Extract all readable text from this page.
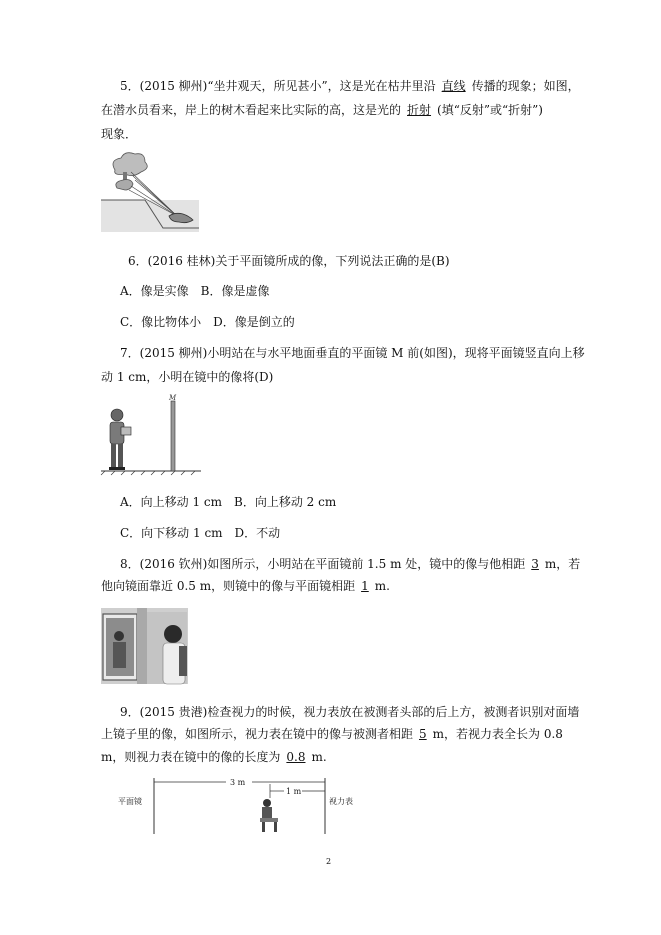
5．(2015 柳州)“坐井观天，所见甚小”，这是光在枯井里沿 直线 传播的现象；如图，
在潜水员看来，岸上的树木看起来比实际的高，这是光的 折射 (填“反射”或“折射”)
现象．
6．(2016 桂林)关于平面镜所成的像，下列说法正确的是(B)
A．像是实像　B．像是虚像
C．像比物体小　D．像是倒立的
7．(2015 柳州)小明站在与水平地面垂直的平面镜 M 前(如图)，现将平面镜竖直向上移
动 1 cm，小明在镜中的像将(D)
M
A．向上移动 1 cm　B．向上移动 2 cm
C．向下移动 1 cm　D．不动
8．(2016 钦州)如图所示，小明站在平面镜前 1.5 m 处，镜中的像与他相距 3 m，若
他向镜面靠近 0.5 m，则镜中的像与平面镜相距 1 m.
9．(2015 贵港)检查视力的时候，视力表放在被测者头部的后上方，被测者识别对面墙
上镜子里的像，如图所示，视力表在镜中的像与被测者相距 5 m，若视力表全长为 0.8
m，则视力表在镜中的像的长度为 0.8 m.
平面镜
3 m
1 m
视力表
2
